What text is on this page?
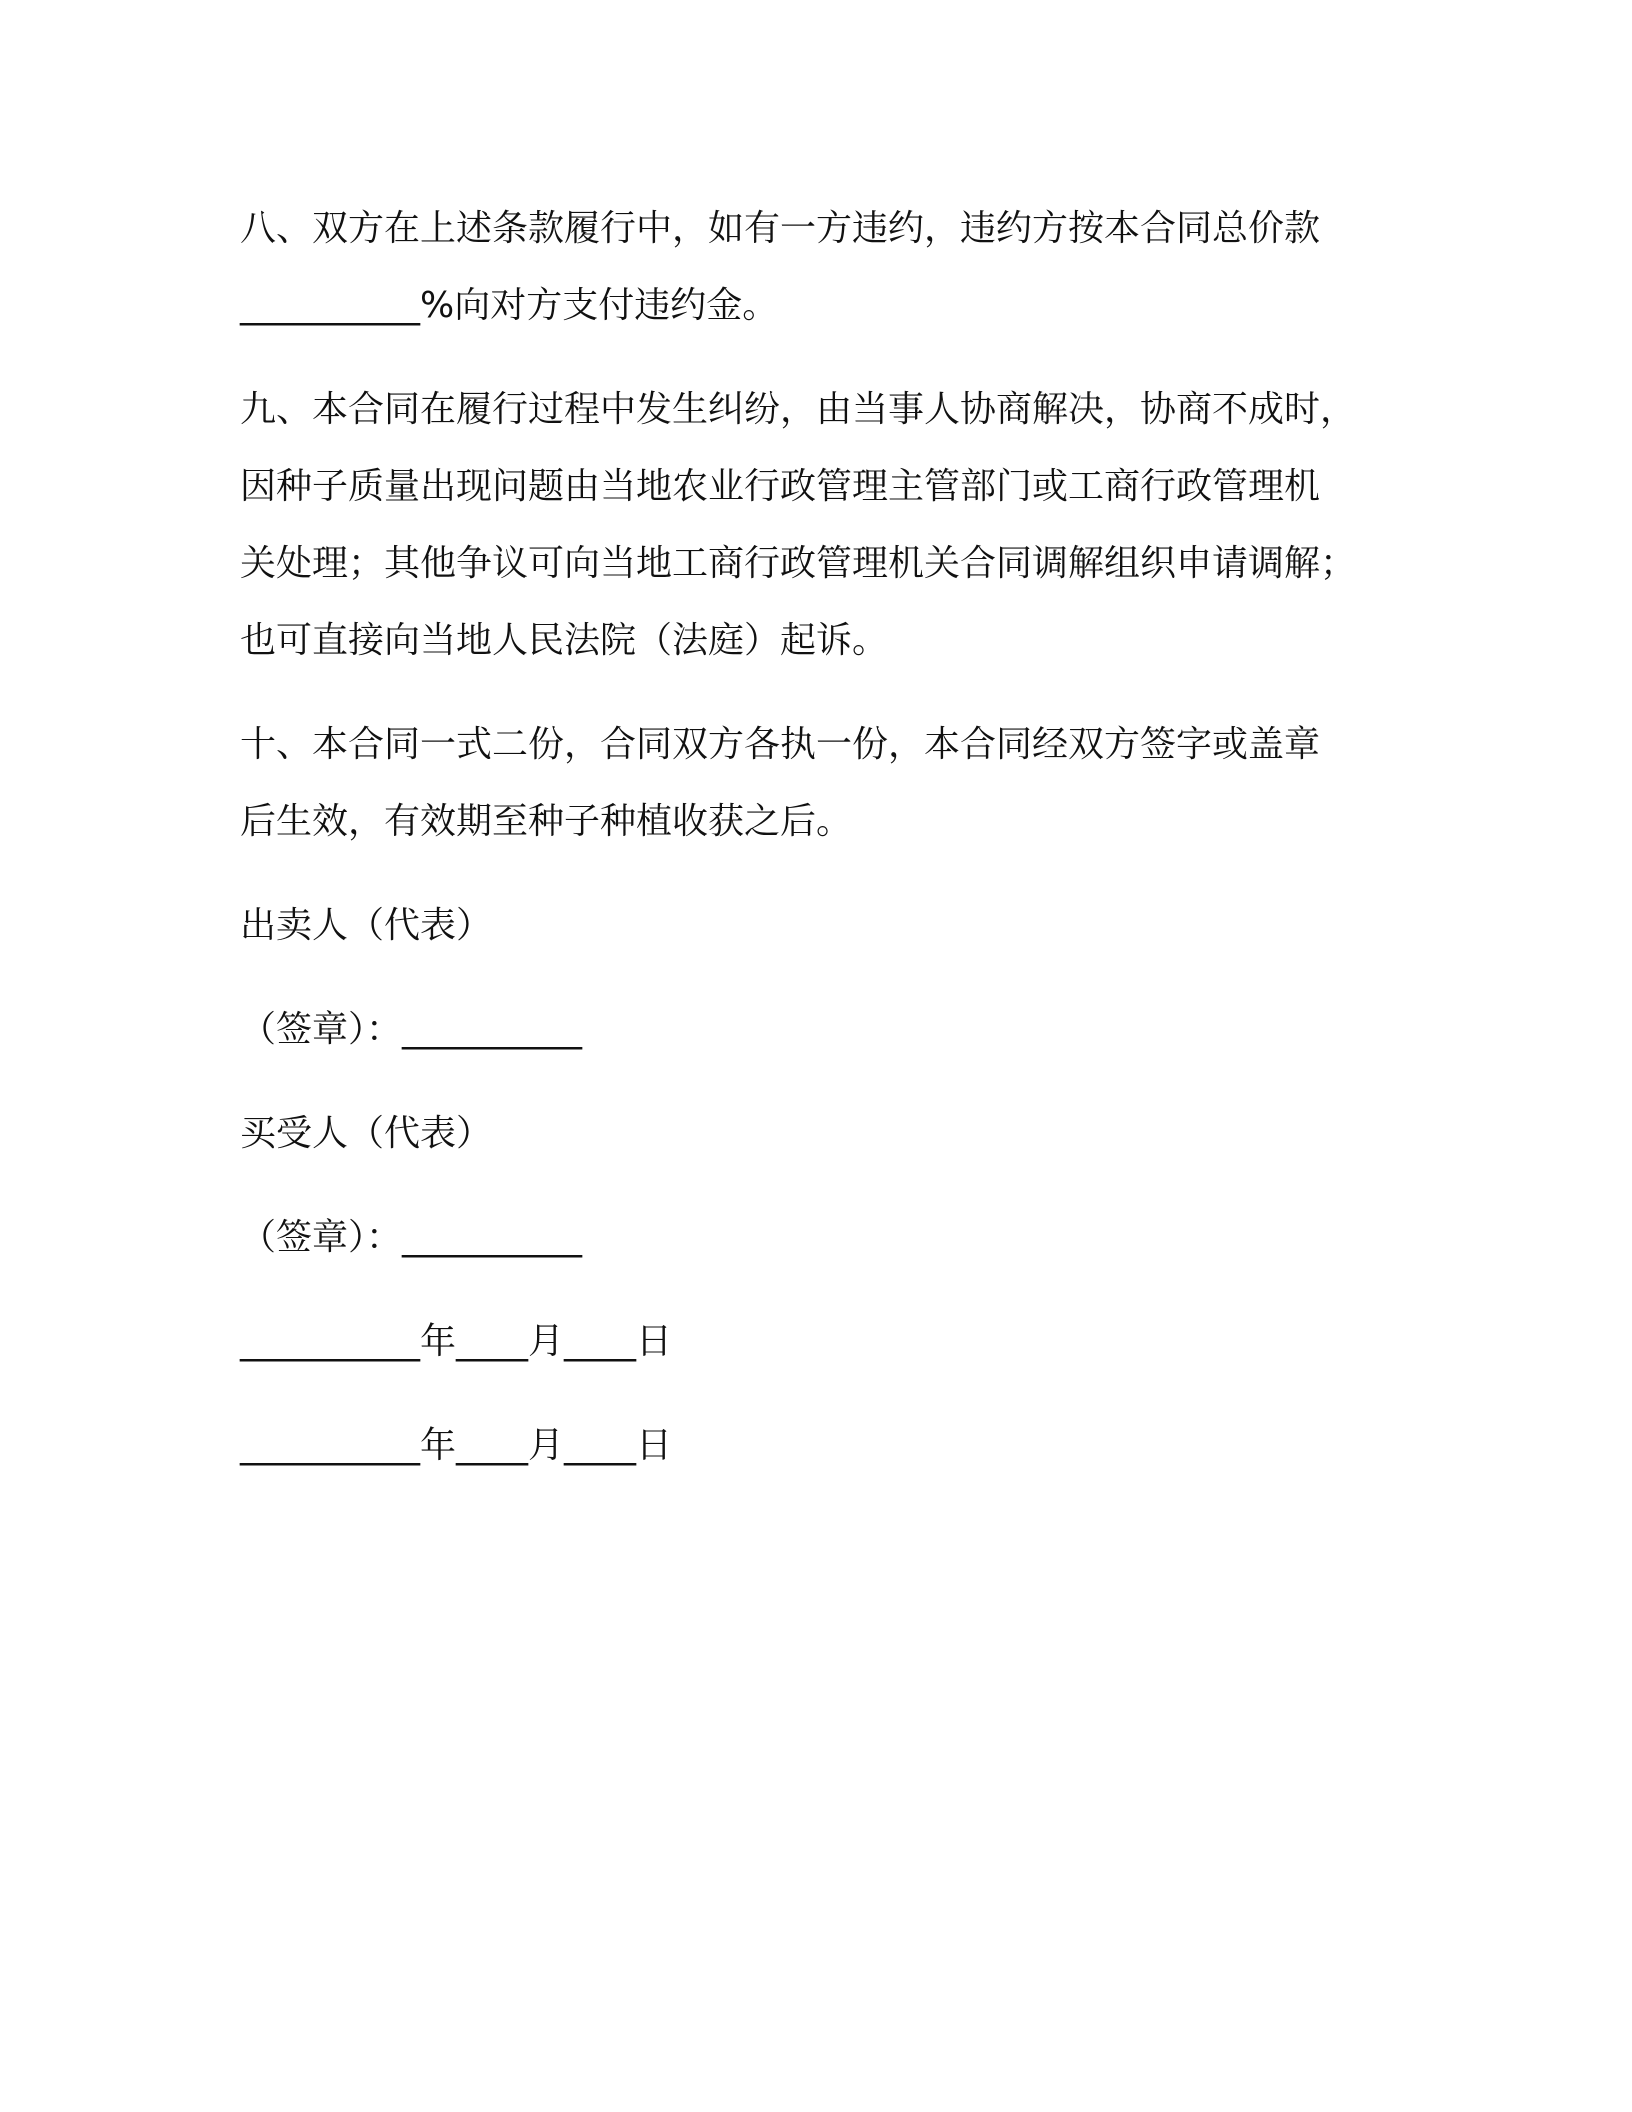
八、双方在上述条款履行中，如有一方违约，违约方按本合同总价款
__________%向对方支付违约金。
九、本合同在履行过程中发生纠纷，由当事人协商解决，协商不成时，
因种子质量出现问题由当地农业行政管理主管部门或工商行政管理机
关处理；其他争议可向当地工商行政管理机关合同调解组织申请调解；
也可直接向当地人民法院（法庭）起诉。
十、本合同一式二份，合同双方各执一份，本合同经双方签字或盖章
后生效，有效期至种子种植收获之后。
出卖人（代表）
（签章）：__________
买受人（代表）
（签章）：__________
__________年____月____日
__________年____月____日
